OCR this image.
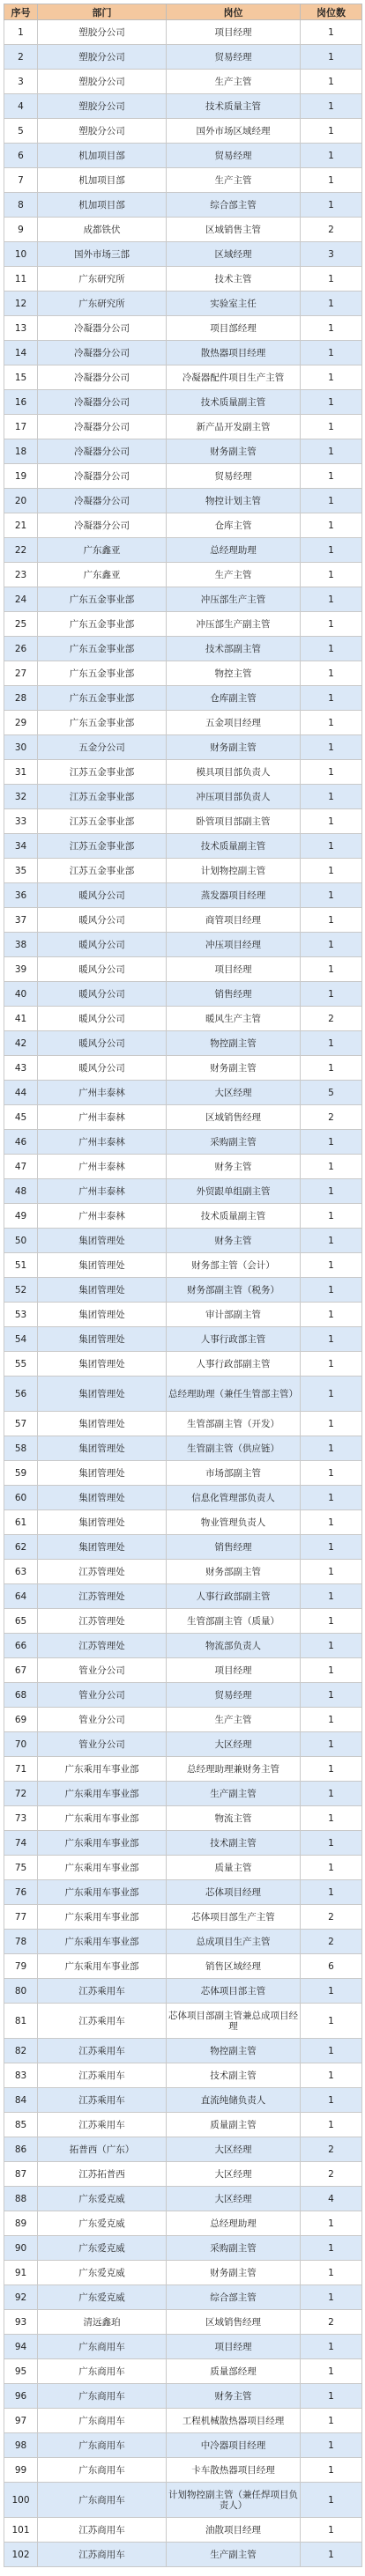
序号	部门	岗位	岗位数
1	塑胶分公司	项目经理	1
2	塑胶分公司	贸易经理	1
3	塑胶分公司	生产主管	1
4	塑胶分公司	技术质量主管	1
5	塑胶分公司	国外市场区域经理	1
6	机加项目部	贸易经理	1
7	机加项目部	生产主管	1
8	机加项目部	综合部主管	1
9	成都铁伏	区域销售主管	2
10	国外市场三部	区域经理	3
11	广东研究所	技术主管	1
12	广东研究所	实验室主任	1
13	冷凝器分公司	项目部经理	1
14	冷凝器分公司	散热器项目经理	1
15	冷凝器分公司	冷凝器配件项目生产主管	1
16	冷凝器分公司	技术质量副主管	1
17	冷凝器分公司	新产品开发副主管	1
18	冷凝器分公司	财务副主管	1
19	冷凝器分公司	贸易经理	1
20	冷凝器分公司	物控计划主管	1
21	冷凝器分公司	仓库主管	1
22	广东鑫亚	总经理助理	1
23	广东鑫亚	生产主管	1
24	广东五金事业部	冲压部生产主管	1
25	广东五金事业部	冲压部生产副主管	1
26	广东五金事业部	技术部副主管	1
27	广东五金事业部	物控主管	1
28	广东五金事业部	仓库副主管	1
29	广东五金事业部	五金项目经理	1
30	五金分公司	财务副主管	1
31	江苏五金事业部	模具项目部负责人	1
32	江苏五金事业部	冲压项目部负责人	1
33	江苏五金事业部	卧管项目部副主管	1
34	江苏五金事业部	技术质量副主管	1
35	江苏五金事业部	计划物控副主管	1
36	暖风分公司	蒸发器项目经理	1
37	暖风分公司	商管项目经理	1
38	暖风分公司	冲压项目经理	1
39	暖风分公司	项目经理	1
40	暖风分公司	销售经理	1
41	暖风分公司	暖风生产主管	2
42	暖风分公司	物控副主管	1
43	暖风分公司	财务副主管	1
44	广州丰泰林	大区经理	5
45	广州丰泰林	区域销售经理	2
46	广州丰泰林	采购副主管	1
47	广州丰泰林	财务主管	1
48	广州丰泰林	外贸跟单组副主管	1
49	广州丰泰林	技术质量副主管	1
50	集团管理处	财务主管	1
51	集团管理处	财务部主管（会计）	1
52	集团管理处	财务部副主管（税务）	1
53	集团管理处	审计部副主管	1
54	集团管理处	人事行政部主管	1
55	集团管理处	人事行政部副主管	1
56	集团管理处	总经理助理（兼任生管部主管）	1
57	集团管理处	生管部副主管（开发）	1
58	集团管理处	生管副主管（供应链）	1
59	集团管理处	市场部副主管	1
60	集团管理处	信息化管理部负责人	1
61	集团管理处	物业管理负责人	1
62	集团管理处	销售经理	1
63	江苏管理处	财务部副主管	1
64	江苏管理处	人事行政部副主管	1
65	江苏管理处	生管部副主管（质量）	1
66	江苏管理处	物流部负责人	1
67	管业分公司	项目经理	1
68	管业分公司	贸易经理	1
69	管业分公司	生产主管	1
70	管业分公司	大区经理	1
71	广东乘用车事业部	总经理助理兼财务主管	1
72	广东乘用车事业部	生产副主管	1
73	广东乘用车事业部	物流主管	1
74	广东乘用车事业部	技术副主管	1
75	广东乘用车事业部	质量主管	1
76	广东乘用车事业部	芯体项目经理	1
77	广东乘用车事业部	芯体项目部生产主管	2
78	广东乘用车事业部	总成项目生产主管	2
79	广东乘用车事业部	销售区域经理	6
80	江苏乘用车	芯体项目部主管	1
81	江苏乘用车	芯体项目部副主管兼总成项目经理	1
82	江苏乘用车	物控副主管	1
83	江苏乘用车	技术副主管	1
84	江苏乘用车	直流纯储负责人	1
85	江苏乘用车	质量副主管	1
86	拓普西（广东）	大区经理	2
87	江苏拓普西	大区经理	2
88	广东爱克威	大区经理	4
89	广东爱克威	总经理助理	1
90	广东爱克威	采购副主管	1
91	广东爱克威	财务副主管	1
92	广东爱克威	综合部主管	1
93	清远鑫珀	区域销售经理	2
94	广东商用车	项目经理	1
95	广东商用车	质量部经理	1
96	广东商用车	财务主管	1
97	广东商用车	工程机械散热器项目经理	1
98	广东商用车	中冷器项目经理	1
99	广东商用车	卡车散热器项目经理	1
100	广东商用车	计划物控副主管（兼任焊项目负责人）	1
101	江苏商用车	油散项目经理	1
102	江苏商用车	生产副主管	1
